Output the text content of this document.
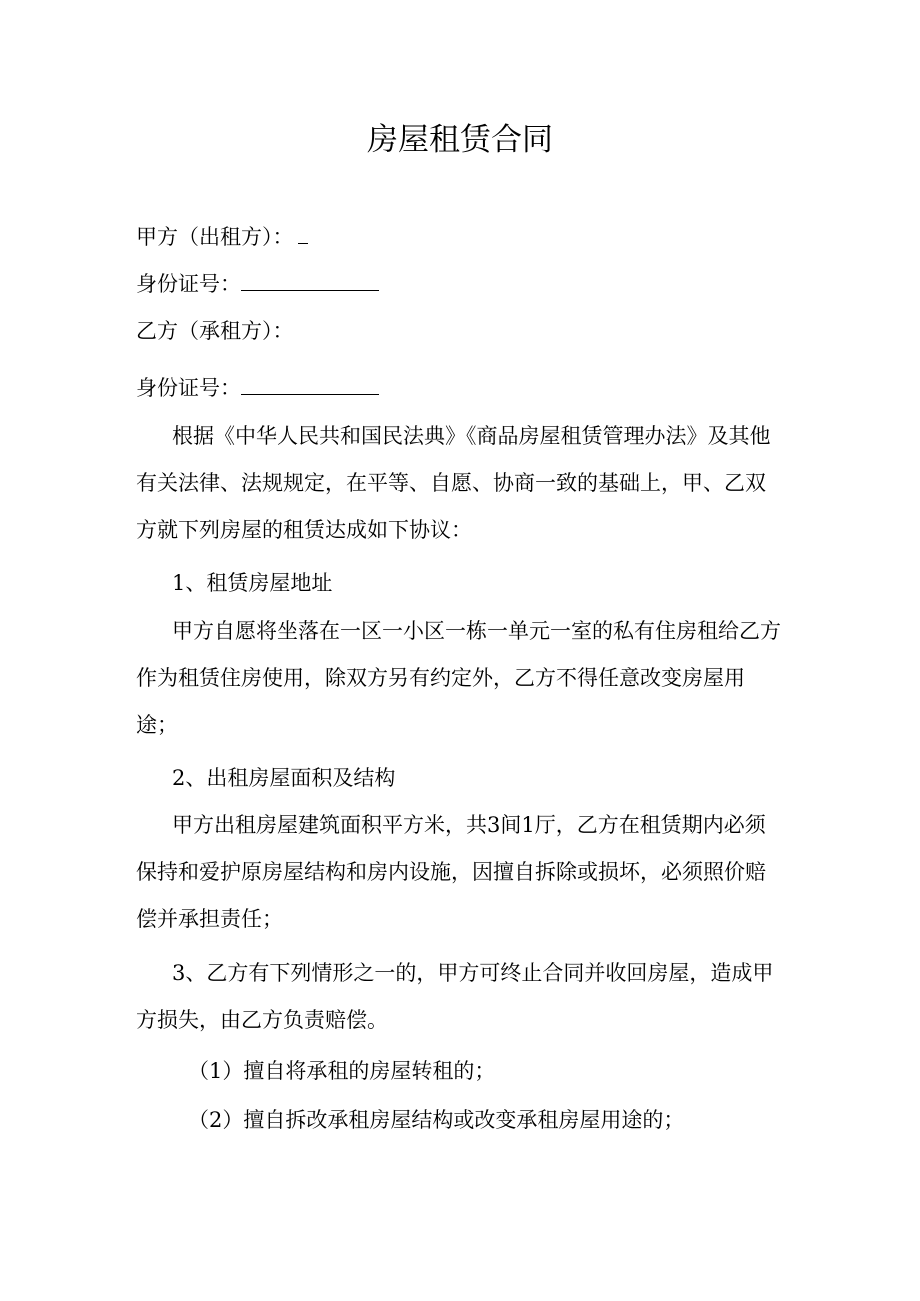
房屋租赁合同
甲方（出租方）：
身份证号：
乙方（承租方）：
身份证号：

根据《中华人民共和国民法典》《商品房屋租赁管理办法》及其他有关法律、法规规定，在平等、自愿、协商一致的基础上，甲、乙双方就下列房屋的租赁达成如下协议：

1、租赁房屋地址

甲方自愿将坐落在一区一小区一栋一单元一室的私有住房租给乙方作为租赁住房使用，除双方另有约定外，乙方不得任意改变房屋用途；

2、出租房屋面积及结构

甲方出租房屋建筑面积平方米，共3间1厅，乙方在租赁期内必须保持和爱护原房屋结构和房内设施，因擅自拆除或损坏，必须照价赔偿并承担责任；

3、乙方有下列情形之一的，甲方可终止合同并收回房屋，造成甲方损失，由乙方负责赔偿。

（1）擅自将承租的房屋转租的；

（2）擅自拆改承租房屋结构或改变承租房屋用途的；
